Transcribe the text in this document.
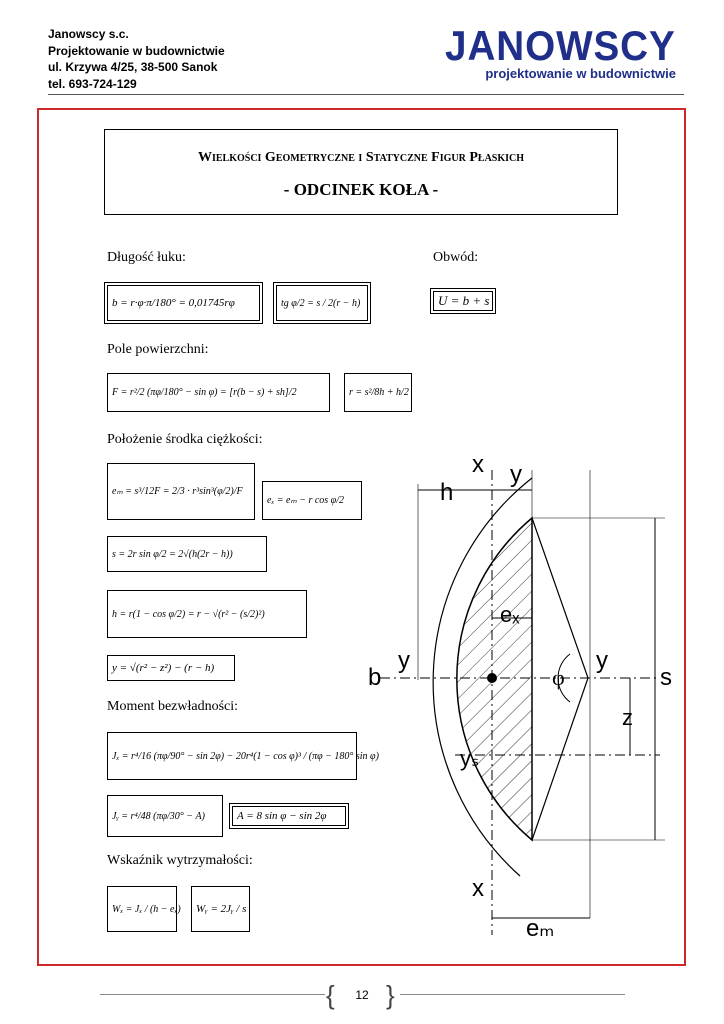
Janowscy s.c.
Projektowanie w budownictwie
ul. Krzywa 4/25, 38-500 Sanok
tel. 693-724-129
JANOWSCY
projektowanie w budownictwie
Wielkości Geometryczne i Statyczne Figur Płaskich
- ODCINEK KOŁA -
Długość łuku:	Obwód:
Pole powierzchni:
Położenie środka ciężkości:
Moment bezwładności:
Wskaźnik wytrzymałości:
b = r·φ·π/180° = 0,01745rφ	tg φ/2 = s / 2(r − h)	U = b + s
F = r²/2 (πφ/180° − sin φ) = [r(b − s) + sh]/2	r = s²/8h + h/2
eₘ = s³/12F = 2/3 · r³sin³(φ/2)/F
eₓ = eₘ − r cos φ/2
s = 2r sin φ/2 = 2√(h(2r − h))
h = r(1 − cos φ/2) = r − √(r² − (s/2)²)
y = √(r² − z²) − (r − h)
Jₓ = r⁴/16 (πφ/90° − sin 2φ) − 20r⁴(1 − cos φ)³ / (πφ − 180° sin φ)
Jᵧ = r⁴/48 (πφ/30° − A)	A = 8 sin φ − sin 2φ
Wₓ = Jₓ / (h − eₓ)	Wᵧ = 2Jᵧ / s
x y
h
eₓ
y	y
b	φ	s
z
yₛ
x
eₘ
{ }
12
